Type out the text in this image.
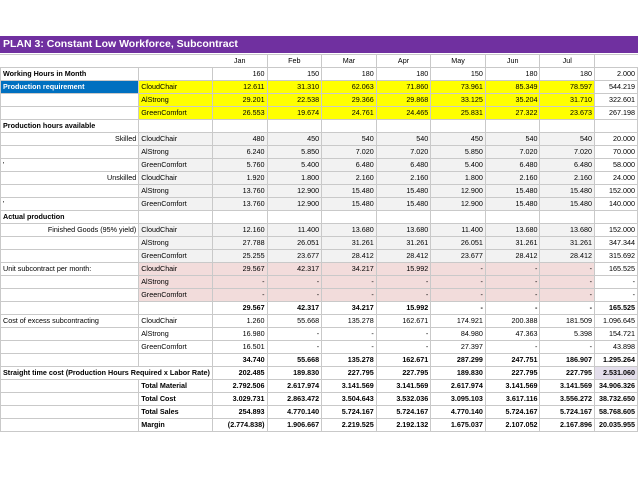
PLAN 3: Constant Low Workforce, Subcontract
		Jan	Feb	Mar	Apr	May	Jun	Jul	
Working Hours in Month		160	150	180	180	150	180	180	2.000
Production requirement	CloudChair	12.611	31.310	62.063	71.860	73.961	85.349	78.597	544.219
	AlStrong	29.201	22.538	29.366	29.868	33.125	35.204	31.710	322.601
	GreenComfort	26.553	19.674	24.761	24.465	25.831	27.322	23.673	267.198
Production hours available									
Skilled	CloudChair	480	450	540	540	450	540	540	20.000
	AlStrong	6.240	5.850	7.020	7.020	5.850	7.020	7.020	70.000
'	GreenComfort	5.760	5.400	6.480	6.480	5.400	6.480	6.480	58.000
Unskilled	CloudChair	1.920	1.800	2.160	2.160	1.800	2.160	2.160	24.000
	AlStrong	13.760	12.900	15.480	15.480	12.900	15.480	15.480	152.000
'	GreenComfort	13.760	12.900	15.480	15.480	12.900	15.480	15.480	140.000
Actual production									
Finished Goods (95% yield)	CloudChair	12.160	11.400	13.680	13.680	11.400	13.680	13.680	152.000
	AlStrong	27.788	26.051	31.261	31.261	26.051	31.261	31.261	347.344
	GreenComfort	25.255	23.677	28.412	28.412	23.677	28.412	28.412	315.692
Unit subcontract per month:	CloudChair	29.567	42.317	34.217	15.992	-	-	-	165.525
	AlStrong	-	-	-	-	-	-	-	-
	GreenComfort	-	-	-	-	-	-	-	-
		29.567	42.317	34.217	15.992	-	-	-	165.525
Cost of excess subcontracting	CloudChair	1.260	55.668	135.278	162.671	174.921	200.388	181.509	1.096.645
	AlStrong	16.980	-	-	-	84.980	47.363	5.398	154.721
	GreenComfort	16.501	-	-	-	27.397	-	-	43.898
		34.740	55.668	135.278	162.671	287.299	247.751	186.907	1.295.264
Straight time cost (Production Hours Required x Labor Rate)		202.485	189.830	227.795	227.795	189.830	227.795	227.795	2.531.060
	Total Material	2.792.506	2.617.974	3.141.569	3.141.569	2.617.974	3.141.569	3.141.569	34.906.326
	Total Cost	3.029.731	2.863.472	3.504.643	3.532.036	3.095.103	3.617.116	3.556.272	38.732.650
	Total Sales	254.893	4.770.140	5.724.167	5.724.167	4.770.140	5.724.167	5.724.167	58.768.605
	Margin	(2.774.838)	1.906.667	2.219.525	2.192.132	1.675.037	2.107.052	2.167.896	20.035.955
